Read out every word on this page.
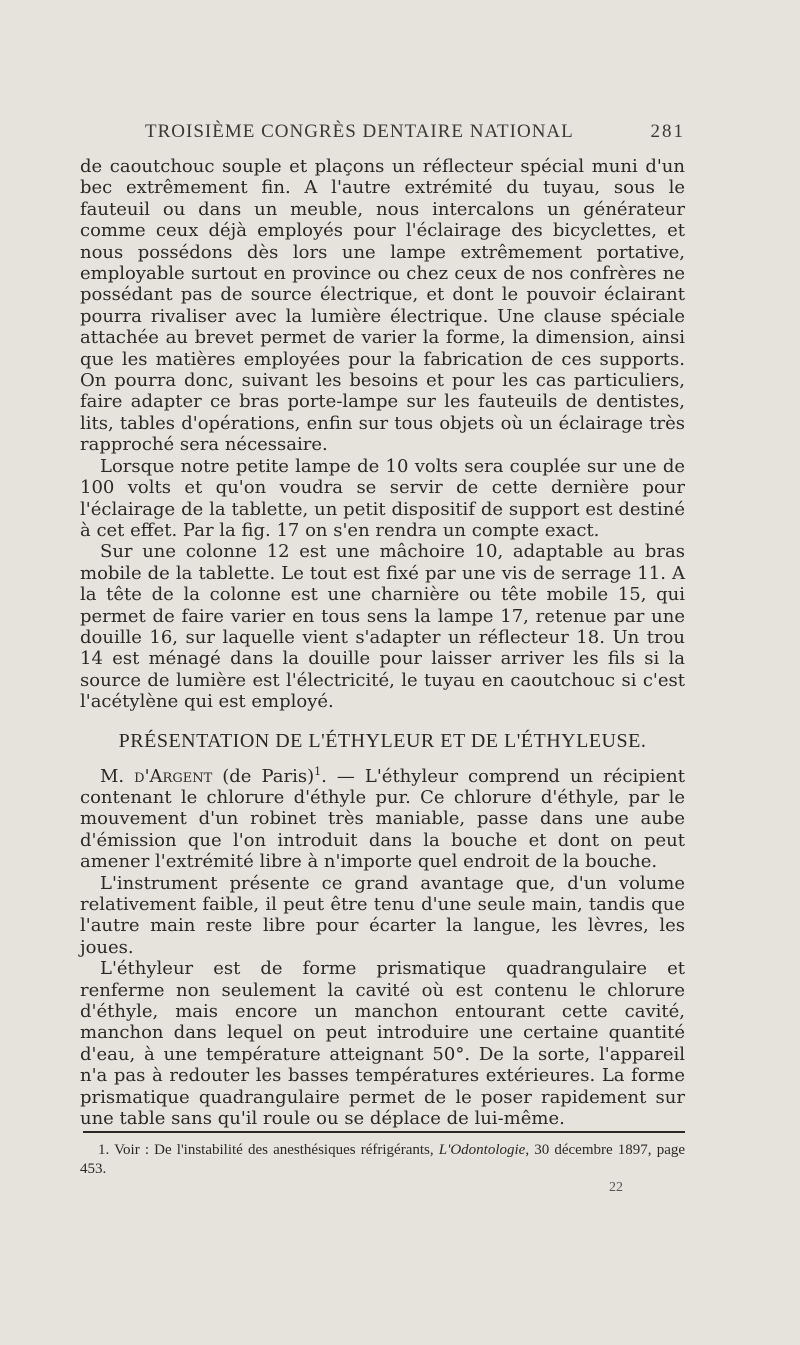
TROISIÈME CONGRÈS DENTAIRE NATIONAL	281

de caoutchouc souple et plaçons un réflecteur spécial muni d'un bec extrêmement fin. A l'autre extrémité du tuyau, sous le fauteuil ou dans un meuble, nous intercalons un générateur comme ceux déjà employés pour l'éclairage des bicyclettes, et nous possédons dès lors une lampe extrêmement portative, employable surtout en province ou chez ceux de nos confrères ne possédant pas de source électrique, et dont le pouvoir éclairant pourra rivaliser avec la lumière électrique. Une clause spéciale attachée au brevet permet de varier la forme, la dimension, ainsi que les matières employées pour la fabrication de ces supports. On pourra donc, suivant les besoins et pour les cas particuliers, faire adapter ce bras porte-lampe sur les fauteuils de dentistes, lits, tables d'opérations, enfin sur tous objets où un éclairage très rapproché sera nécessaire.

Lorsque notre petite lampe de 10 volts sera couplée sur une de 100 volts et qu'on voudra se servir de cette dernière pour l'éclairage de la tablette, un petit dispositif de support est destiné à cet effet. Par la fig. 17 on s'en rendra un compte exact.

Sur une colonne 12 est une mâchoire 10, adaptable au bras mobile de la tablette. Le tout est fixé par une vis de serrage 11. A la tête de la colonne est une charnière ou tête mobile 15, qui permet de faire varier en tous sens la lampe 17, retenue par une douille 16, sur laquelle vient s'adapter un réflecteur 18. Un trou 14 est ménagé dans la douille pour laisser arriver les fils si la source de lumière est l'électricité, le tuyau en caoutchouc si c'est l'acétylène qui est employé.

PRÉSENTATION DE L'ÉTHYLEUR ET DE L'ÉTHYLEUSE.

M. d'Argent (de Paris)$^1$. — L'éthyleur comprend un récipient contenant le chlorure d'éthyle pur. Ce chlorure d'éthyle, par le mouvement d'un robinet très maniable, passe dans une aube d'émission que l'on introduit dans la bouche et dont on peut amener l'extrémité libre à n'importe quel endroit de la bouche.

L'instrument présente ce grand avantage que, d'un volume relativement faible, il peut être tenu d'une seule main, tandis que l'autre main reste libre pour écarter la langue, les lèvres, les joues.

L'éthyleur est de forme prismatique quadrangulaire et renferme non seulement la cavité où est contenu le chlorure d'éthyle, mais encore un manchon entourant cette cavité, manchon dans lequel on peut introduire une certaine quantité d'eau, à une température atteignant 50°. De la sorte, l'appareil n'a pas à redouter les basses températures extérieures. La forme prismatique quadrangulaire permet de le poser rapidement sur une table sans qu'il roule ou se déplace de lui-même.

1. Voir : De l'instabilité des anesthésiques réfrigérants, L'Odontologie, 30 décembre 1897, page 453.
22
